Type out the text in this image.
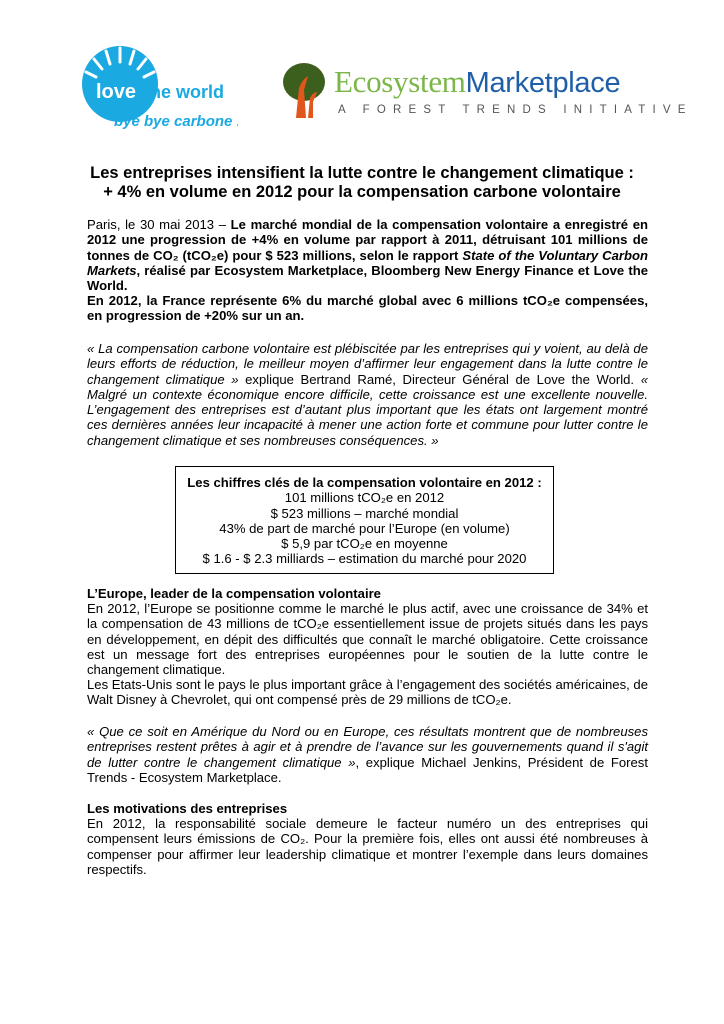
love the world
bye bye carbone !
EcosystemMarketplace
A FOREST TRENDS INITIATIVE
Les entreprises intensifient la lutte contre le changement climatique :
+ 4% en volume en 2012 pour la compensation carbone volontaire
Paris, le 30 mai 2013 – Le marché mondial de la compensation volontaire a enregistré en 2012 une progression de +4% en volume par rapport à 2011, détruisant 101 millions de tonnes de CO₂ (tCO₂e) pour $ 523 millions, selon le rapport State of the Voluntary Carbon Markets, réalisé par Ecosystem Marketplace, Bloomberg New Energy Finance et Love the World.
En 2012, la France représente 6% du marché global avec 6 millions tCO₂e compensées, en progression de +20% sur un an.
« La compensation carbone volontaire est plébiscitée par les entreprises qui y voient, au delà de leurs efforts de réduction, le meilleur moyen d’affirmer leur engagement dans la lutte contre le changement climatique » explique Bertrand Ramé, Directeur Général de Love the World. « Malgré un contexte économique encore difficile, cette croissance est une excellente nouvelle. L’engagement des entreprises est d’autant plus important que les états ont largement montré ces dernières années leur incapacité à mener une action forte et commune pour lutter contre le changement climatique et ses nombreuses conséquences. »
Les chiffres clés de la compensation volontaire en 2012 :
101 millions tCO₂e en 2012
$ 523 millions – marché mondial
43% de part de marché pour l’Europe (en volume)
$ 5,9 par tCO₂e en moyenne
$ 1.6 - $ 2.3 milliards – estimation du marché pour 2020
L’Europe, leader de la compensation volontaire
En 2012, l’Europe se positionne comme le marché le plus actif, avec une croissance de 34% et la compensation de 43 millions de tCO₂e essentiellement issue de projets situés dans les pays en développement, en dépit des difficultés que connaît le marché obligatoire. Cette croissance est un message fort des entreprises européennes pour le soutien de la lutte contre le changement climatique.
Les Etats-Unis sont le pays le plus important grâce à l’engagement des sociétés américaines, de Walt Disney à Chevrolet, qui ont compensé près de 29 millions de tCO₂e.
« Que ce soit en Amérique du Nord ou en Europe, ces résultats montrent que de nombreuses entreprises restent prêtes à agir et à prendre de l’avance sur les gouvernements quand il s'agit de lutter contre le changement climatique », explique Michael Jenkins, Président de Forest Trends - Ecosystem Marketplace.
Les motivations des entreprises
En 2012, la responsabilité sociale demeure le facteur numéro un des entreprises qui compensent leurs émissions de CO₂. Pour la première fois, elles ont aussi été nombreuses à compenser pour affirmer leur leadership climatique et montrer l’exemple dans leurs domaines respectifs.
